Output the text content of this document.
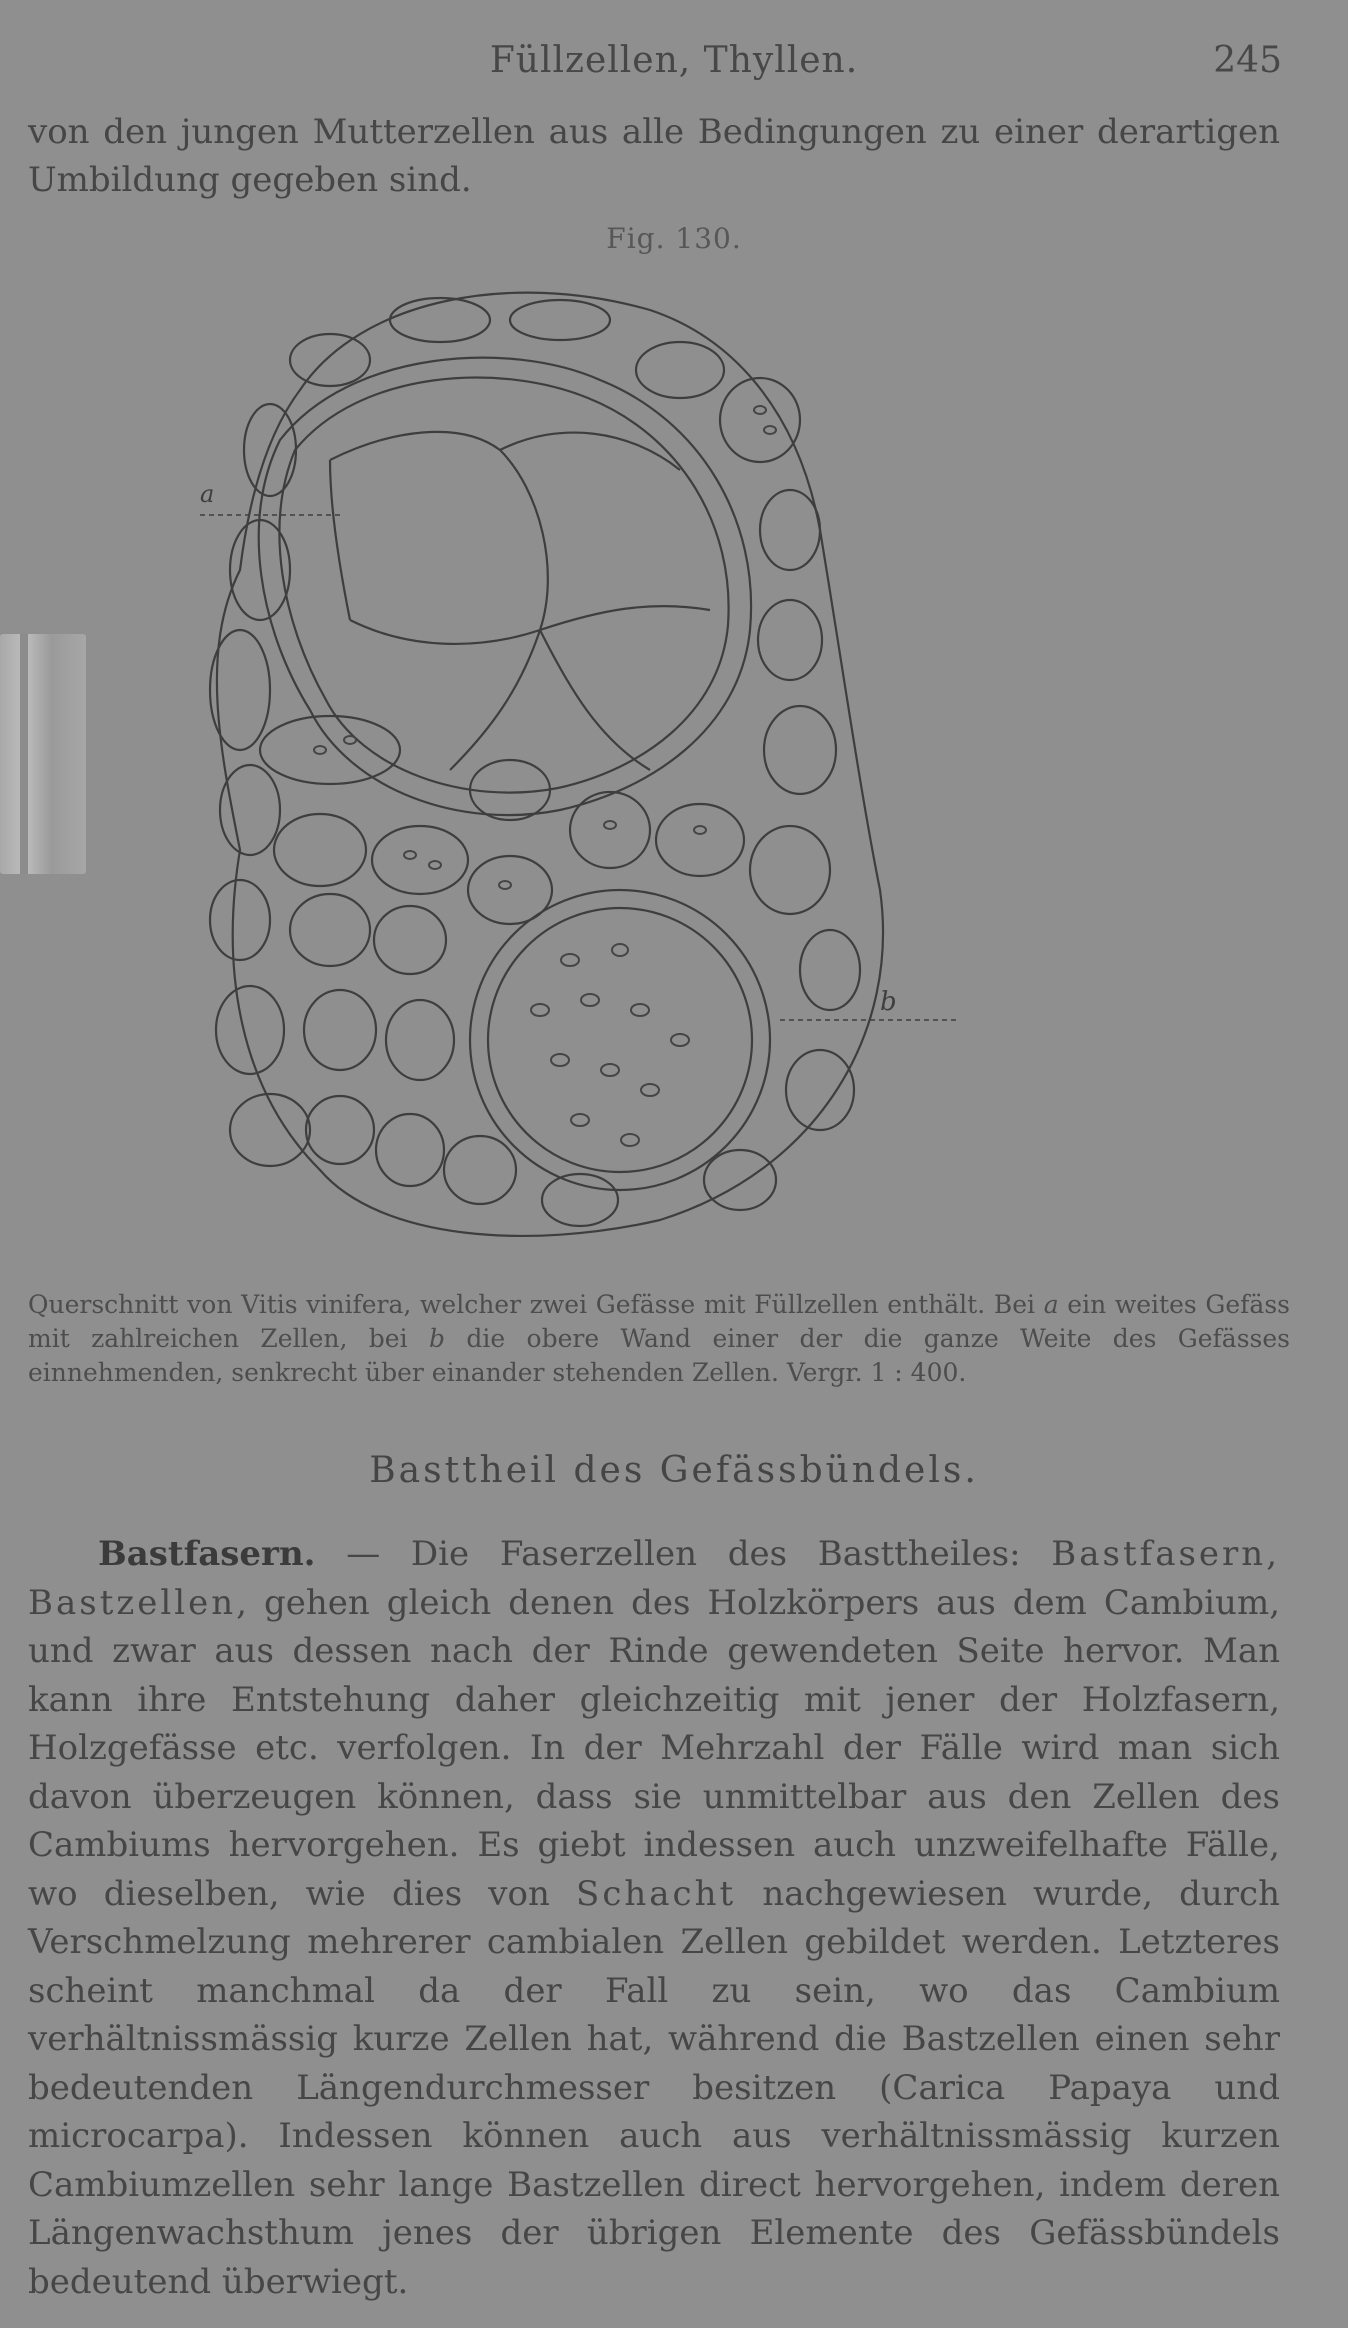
Füllzellen, Thyllen.	245

von den jungen Mutterzellen aus alle Bedingungen zu einer derartigen Umbildung gegeben sind.

Fig. 130.
a
b

Querschnitt von Vitis vinifera, welcher zwei Gefässe mit Füllzellen enthält. Bei a ein weites Gefäss mit zahlreichen Zellen, bei b die obere Wand einer der die ganze Weite des Gefässes einnehmenden, senkrecht über einander stehenden Zellen. Vergr. 1 : 400.

Basttheil des Gefässbündels.

Bastfasern. — Die Faserzellen des Basttheiles: Bastfasern, Bastzellen, gehen gleich denen des Holzkörpers aus dem Cambium, und zwar aus dessen nach der Rinde gewendeten Seite hervor. Man kann ihre Entstehung daher gleichzeitig mit jener der Holzfasern, Holzgefässe etc. verfolgen. In der Mehrzahl der Fälle wird man sich davon überzeugen können, dass sie unmittelbar aus den Zellen des Cambiums hervorgehen. Es giebt indessen auch unzweifelhafte Fälle, wo dieselben, wie dies von Schacht nachgewiesen wurde, durch Verschmelzung mehrerer cambialen Zellen gebildet werden. Letzteres scheint manchmal da der Fall zu sein, wo das Cambium verhältnissmässig kurze Zellen hat, während die Bastzellen einen sehr bedeutenden Längendurchmesser besitzen (Carica Papaya und microcarpa). Indessen können auch aus verhältnissmässig kurzen Cambiumzellen sehr lange Bastzellen direct hervorgehen, indem deren Längenwachsthum jenes der übrigen Elemente des Gefässbündels bedeutend überwiegt.
